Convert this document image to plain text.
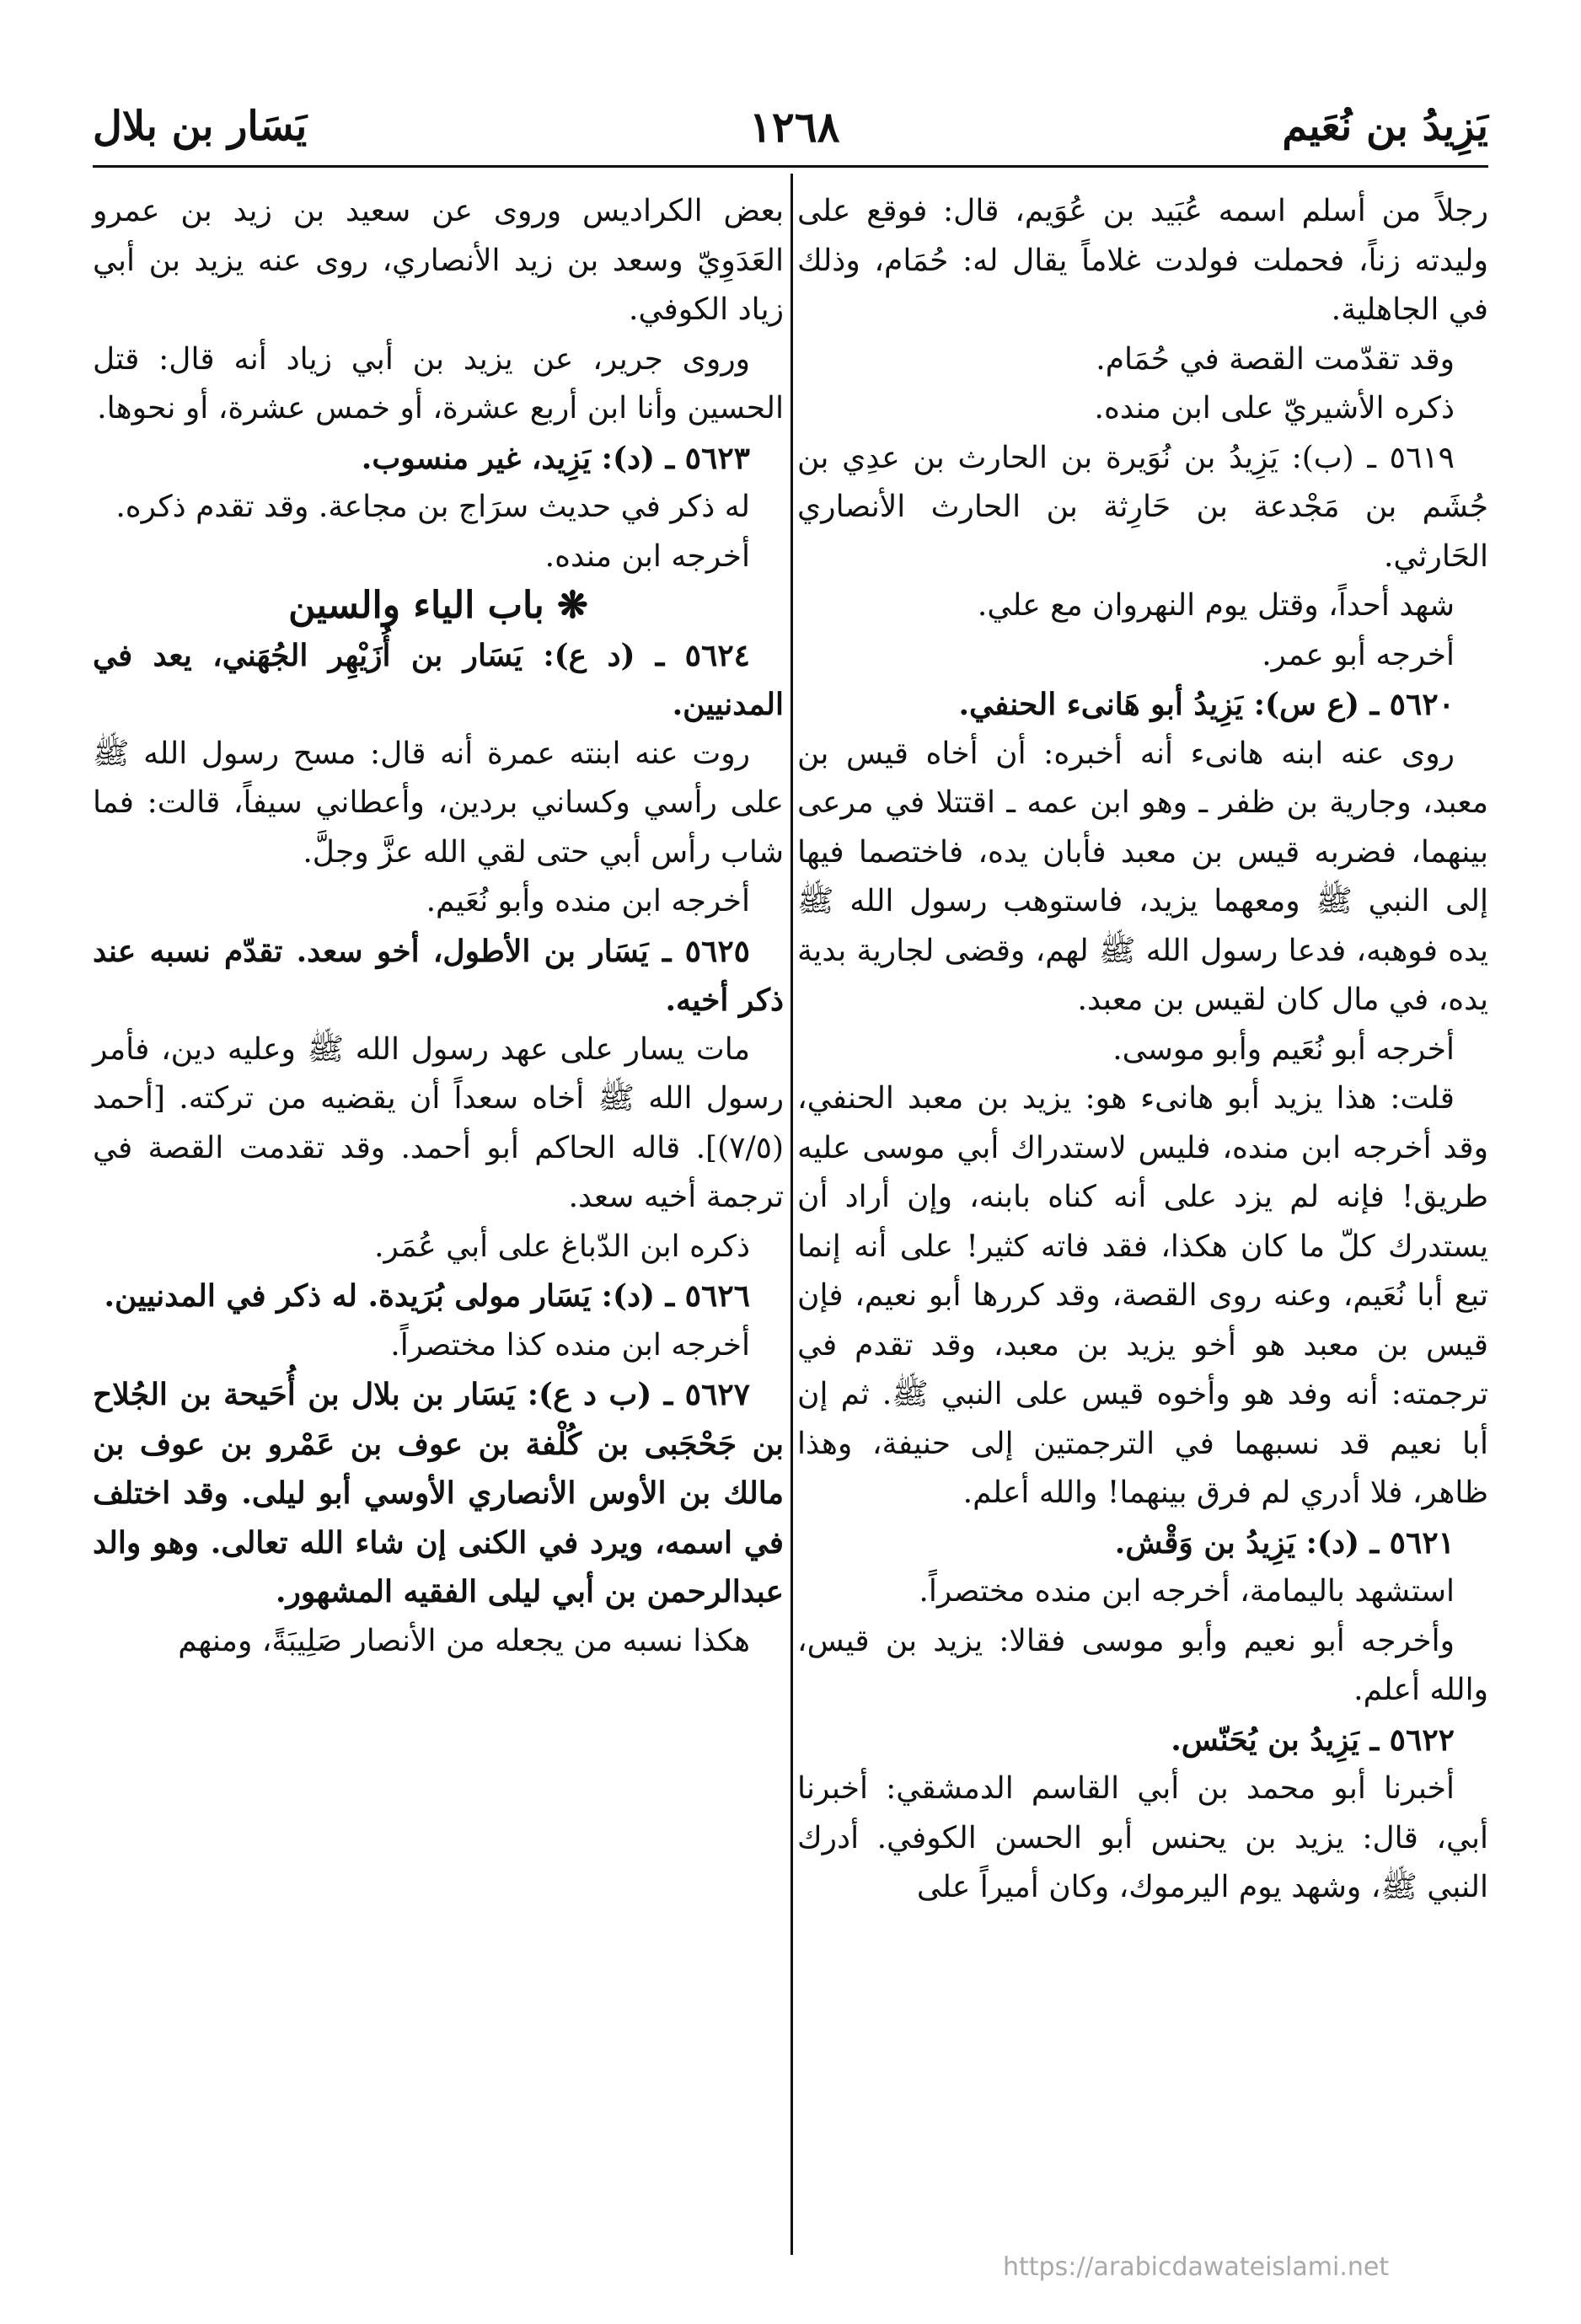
يَزِيدُ بن نُعَيم
١٢٦٨
يَسَار بن بلال

رجلاً من أسلم اسمه عُبَيد بن عُوَيم، قال: فوقع على وليدته زناً، فحملت فولدت غلاماً يقال له: حُمَام، وذلك في الجاهلية.

وقد تقدّمت القصة في حُمَام.

ذكره الأشيريّ على ابن منده.

٥٦١٩ ـ (ب): يَزِيدُ بن نُوَيرة بن الحارث بن عدِي بن جُشَم بن مَجْدعة بن حَارِثة بن الحارث الأنصاري الحَارثي.

شهد أحداً، وقتل يوم النهروان مع علي.

أخرجه أبو عمر.

٥٦٢٠ ـ (ع س): يَزِيدُ أبو هَانىء الحنفي.

روى عنه ابنه هانىء أنه أخبره: أن أخاه قيس بن معبد، وجارية بن ظفر ـ وهو ابن عمه ـ اقتتلا في مرعى بينهما، فضربه قيس بن معبد فأبان يده، فاختصما فيها إلى النبي ﷺ ومعهما يزيد، فاستوهب رسول الله ﷺ يده فوهبه، فدعا رسول الله ﷺ لهم، وقضى لجارية بدية يده، في مال كان لقيس بن معبد.

أخرجه أبو نُعَيم وأبو موسى.

قلت: هذا يزيد أبو هانىء هو: يزيد بن معبد الحنفي، وقد أخرجه ابن منده، فليس لاستدراك أبي موسى عليه طريق! فإنه لم يزد على أنه كناه بابنه، وإن أراد أن يستدرك كلّ ما كان هكذا، فقد فاته كثير! على أنه إنما تبع أبا نُعَيم، وعنه روى القصة، وقد كررها أبو نعيم، فإن قيس بن معبد هو أخو يزيد بن معبد، وقد تقدم في ترجمته: أنه وفد هو وأخوه قيس على النبي ﷺ. ثم إن أبا نعيم قد نسبهما في الترجمتين إلى حنيفة، وهذا ظاهر، فلا أدري لم فرق بينهما! والله أعلم.

٥٦٢١ ـ (د): يَزِيدُ بن وَقْش.

استشهد باليمامة، أخرجه ابن منده مختصراً.

وأخرجه أبو نعيم وأبو موسى فقالا: يزيد بن قيس، والله أعلم.

٥٦٢٢ ـ يَزِيدُ بن يُحَنّس.

أخبرنا أبو محمد بن أبي القاسم الدمشقي: أخبرنا أبي، قال: يزيد بن يحنس أبو الحسن الكوفي. أدرك النبي ﷺ، وشهد يوم اليرموك، وكان أميراً على

بعض الكراديس وروى عن سعيد بن زيد بن عمرو العَدَوِيّ وسعد بن زيد الأنصاري، روى عنه يزيد بن أبي زياد الكوفي.

وروى جرير، عن يزيد بن أبي زياد أنه قال: قتل الحسين وأنا ابن أربع عشرة، أو خمس عشرة، أو نحوها.

٥٦٢٣ ـ (د): يَزِيد، غير منسوب.

له ذكر في حديث سرَاج بن مجاعة. وقد تقدم ذكره.

أخرجه ابن منده.

❋ باب الياء والسين

٥٦٢٤ ـ (د ع): يَسَار بن أُزَيْهِر الجُهَني، يعد في المدنيين.

روت عنه ابنته عمرة أنه قال: مسح رسول الله ﷺ على رأسي وكساني بردين، وأعطاني سيفاً، قالت: فما شاب رأس أبي حتى لقي الله عزَّ وجلَّ.

أخرجه ابن منده وأبو نُعَيم.

٥٦٢٥ ـ يَسَار بن الأطول، أخو سعد. تقدّم نسبه عند ذكر أخيه.

مات يسار على عهد رسول الله ﷺ وعليه دين، فأمر رسول الله ﷺ أخاه سعداً أن يقضيه من تركته. [أحمد (٧/٥)]. قاله الحاكم أبو أحمد. وقد تقدمت القصة في ترجمة أخيه سعد.

ذكره ابن الدّباغ على أبي عُمَر.

٥٦٢٦ ـ (د): يَسَار مولى بُرَيدة. له ذكر في المدنيين.

أخرجه ابن منده كذا مختصراً.

٥٦٢٧ ـ (ب د ع): يَسَار بن بلال بن أُحَيحة بن الجُلاح بن جَحْجَبى بن كُلْفة بن عوف بن عَمْرو بن عوف بن مالك بن الأوس الأنصاري الأوسي أبو ليلى. وقد اختلف في اسمه، ويرد في الكنى إن شاء الله تعالى. وهو والد عبدالرحمن بن أبي ليلى الفقيه المشهور.

هكذا نسبه من يجعله من الأنصار صَلِيبَةً، ومنهم

https://arabicdawateislami.net
